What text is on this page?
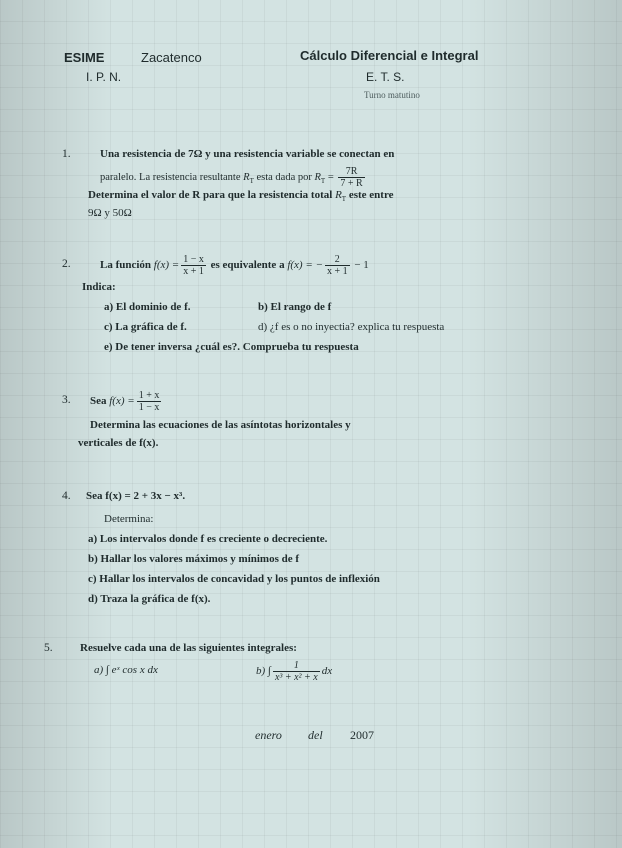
ESIME	Zacatenco	Cálculo Diferencial e Integral
I. P. N.	E. T. S.
Turno matutino
1.	Una resistencia de 7Ω y una resistencia variable se conectan en
paralelo. La resistencia resultante $R_T$ esta dada por $R_T = \frac{7R}{7 + R}$
Determina el valor de R para que la resistencia total $R_T$ este entre
9Ω y 50Ω
2.	La función $f(x) = \frac{1 - x}{x + 1}$ es equivalente a f(x) = − $\frac{2}{x + 1} - 1$
Indica:
a) El dominio de f.	b) El rango de f
c) La gráfica de f.	d) ¿f es o no inyectia? explica tu respuesta
e) De tener inversa ¿cuál es?. Comprueba tu respuesta
3. Sea $f(x) = \frac{1 + x}{1 - x}$
Determina las ecuaciones de las asíntotas horizontales y
verticales de f(x).
4. Sea f(x) = 2 + 3x − x³.
Determina:
a) Los intervalos donde f es creciente o decreciente.
b) Hallar los valores máximos y mínimos de f
c) Hallar los intervalos de concavidad y los puntos de inflexión
d) Traza la gráfica de f(x).
5. Resuelve cada una de las siguientes integrales:
a) ∫ eˣ cos x dx	b) ∫ $\frac{1}{\text{x³ + x² + x}}$ dx
enero del 2007
